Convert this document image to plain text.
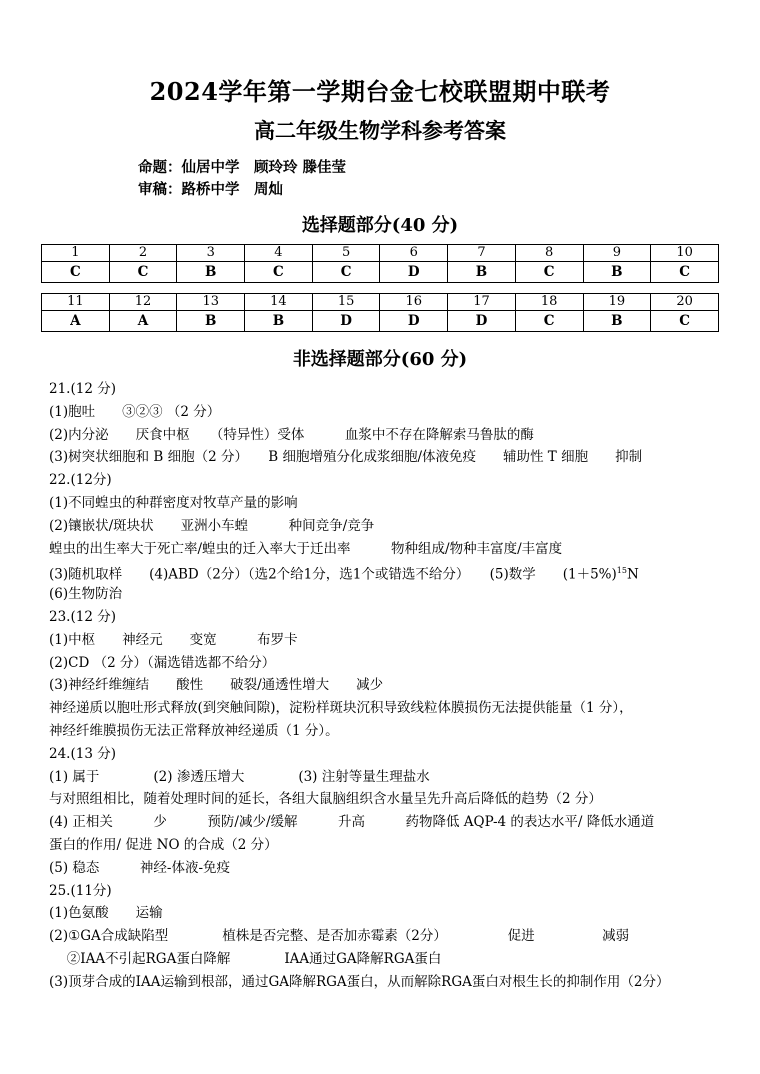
2024学年第一学期台金七校联盟期中联考
高二年级生物学科参考答案
命题：仙居中学　顾玲玲 滕佳莹
审稿：路桥中学　周灿
选择题部分(40 分)
1	2	3	4	5	6	7	8	9	10
C	C	B	C	C	D	B	C	B	C

11	12	13	14	15	16	17	18	19	20
A	A	B	B	D	D	D	C	B	C
非选择题部分(60 分)
21.(12 分)
(1)胞吐　　③②③ （2 分）
(2)内分泌　　厌食中枢　　（特异性）受体　　　血浆中不存在降解索马鲁肽的酶
(3)树突状细胞和 B 细胞（2 分）　　B 细胞增殖分化成浆细胞/体液免疫　　辅助性 T 细胞　　抑制
22.(12分)
(1)不同蝗虫的种群密度对牧草产量的影响
(2)镶嵌状/斑块状　　亚洲小车蝗　　　种间竞争/竞争
蝗虫的出生率大于死亡率/蝗虫的迁入率大于迁出率　　　物种组成/物种丰富度/丰富度
(3)随机取样　　(4)ABD（2分）（选2个给1分，选1个或错选不给分）　　(5)数学　　$(1+5\%)^{15}N$
(6)生物防治
23.(12 分)
(1)中枢　　神经元　　变宽　　　布罗卡
(2)CD （2 分）（漏选错选都不给分）
(3)神经纤维缠结　　酸性　　破裂/通透性增大　　减少
神经递质以胞吐形式释放(到突触间隙)，淀粉样斑块沉积导致线粒体膜损伤无法提供能量（1 分），
神经纤维膜损伤无法正常释放神经递质（1 分）。
24.(13 分)
(1) 属于　　　　(2) 渗透压增大　　　　(3) 注射等量生理盐水
与对照组相比，随着处理时间的延长，各组大鼠脑组织含水量呈先升高后降低的趋势（2 分）
(4) 正相关　　　少　　　预防/减少/缓解　　　升高　　　药物降低 AQP-4 的表达水平/ 降低水通道
蛋白的作用/ 促进 NO 的合成（2 分）
(5) 稳态　　　神经-体液-免疫
25.(11分)
(1)色氨酸　　运输
(2)①GA合成缺陷型　　　　植株是否完整、是否加赤霉素（2分）　　　　　促进　　　　　减弱
　 ②IAA不引起RGA蛋白降解　　　　IAA通过GA降解RGA蛋白
(3)顶芽合成的IAA运输到根部，通过GA降解RGA蛋白，从而解除RGA蛋白对根生长的抑制作用（2分）
